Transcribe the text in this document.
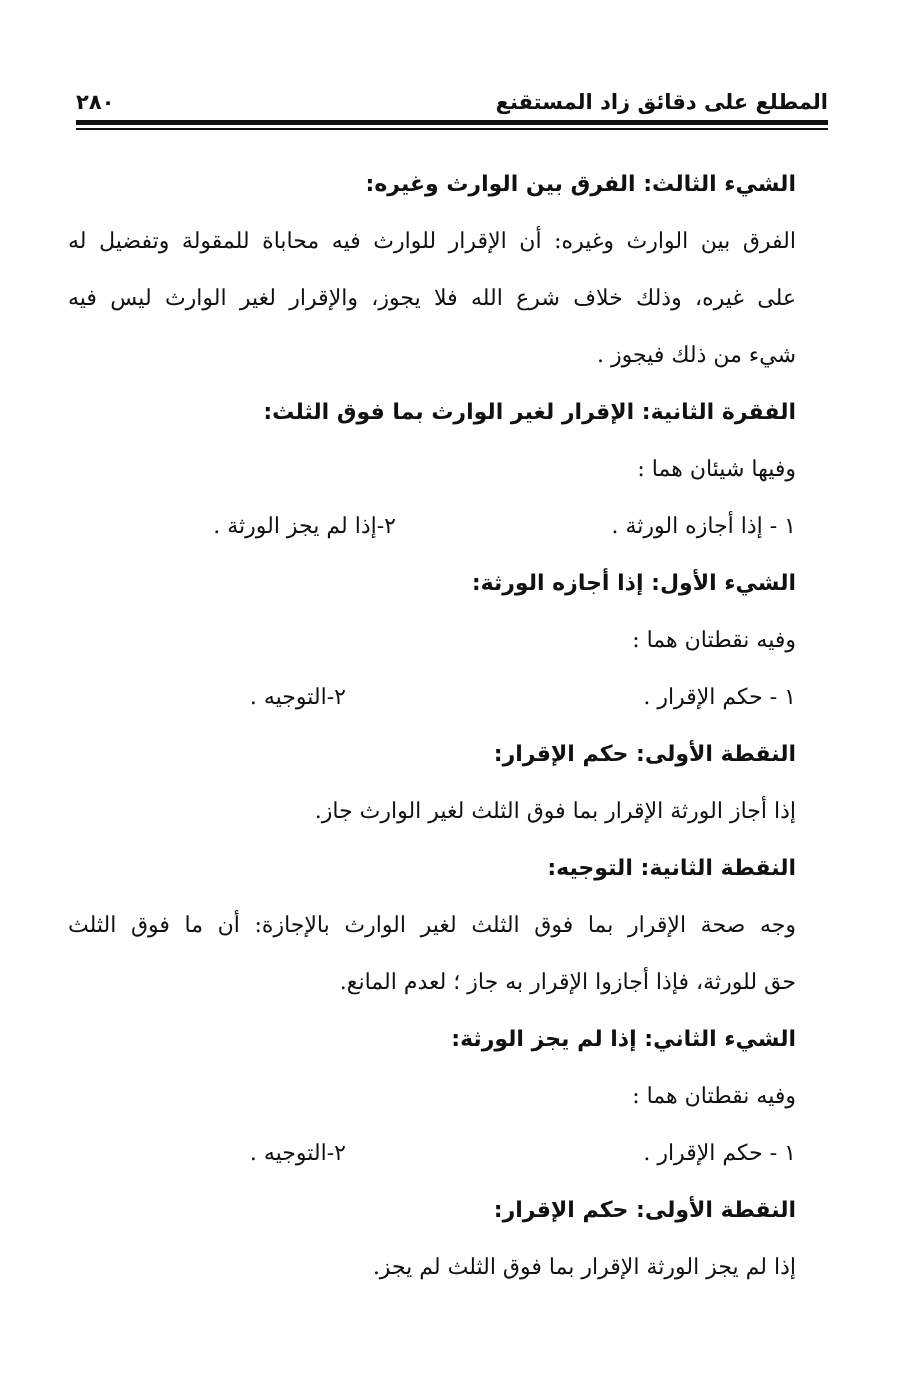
المطلع على دقائق زاد المستقنع
٢٨٠
الشيء الثالث: الفرق بين الوارث وغيره:
الفرق بين الوارث وغيره: أن الإقرار للوارث فيه محاباة للمقولة وتفضيل له
على غيره، وذلك خلاف شرع الله فلا يجوز، والإقرار لغير الوارث ليس فيه
شيء من ذلك فيجوز .
الفقرة الثانية: الإقرار لغير الوارث بما فوق الثلث:
وفيها شيئان هما :
١ - إذا أجازه الورثة .
٢-إذا لم يجز الورثة .
الشيء الأول: إذا أجازه الورثة:
وفيه نقطتان هما :
١ - حكم الإقرار .
٢-التوجيه .
النقطة الأولى: حكم الإقرار:
إذا أجاز الورثة الإقرار بما فوق الثلث لغير الوارث جاز.
النقطة الثانية: التوجيه:
وجه صحة الإقرار بما فوق الثلث لغير الوارث بالإجازة: أن ما فوق الثلث
حق للورثة، فإذا أجازوا الإقرار به جاز ؛ لعدم المانع.
الشيء الثاني: إذا لم يجز الورثة:
وفيه نقطتان هما :
١ - حكم الإقرار .
٢-التوجيه .
النقطة الأولى: حكم الإقرار:
إذا لم يجز الورثة الإقرار بما فوق الثلث لم يجز.
